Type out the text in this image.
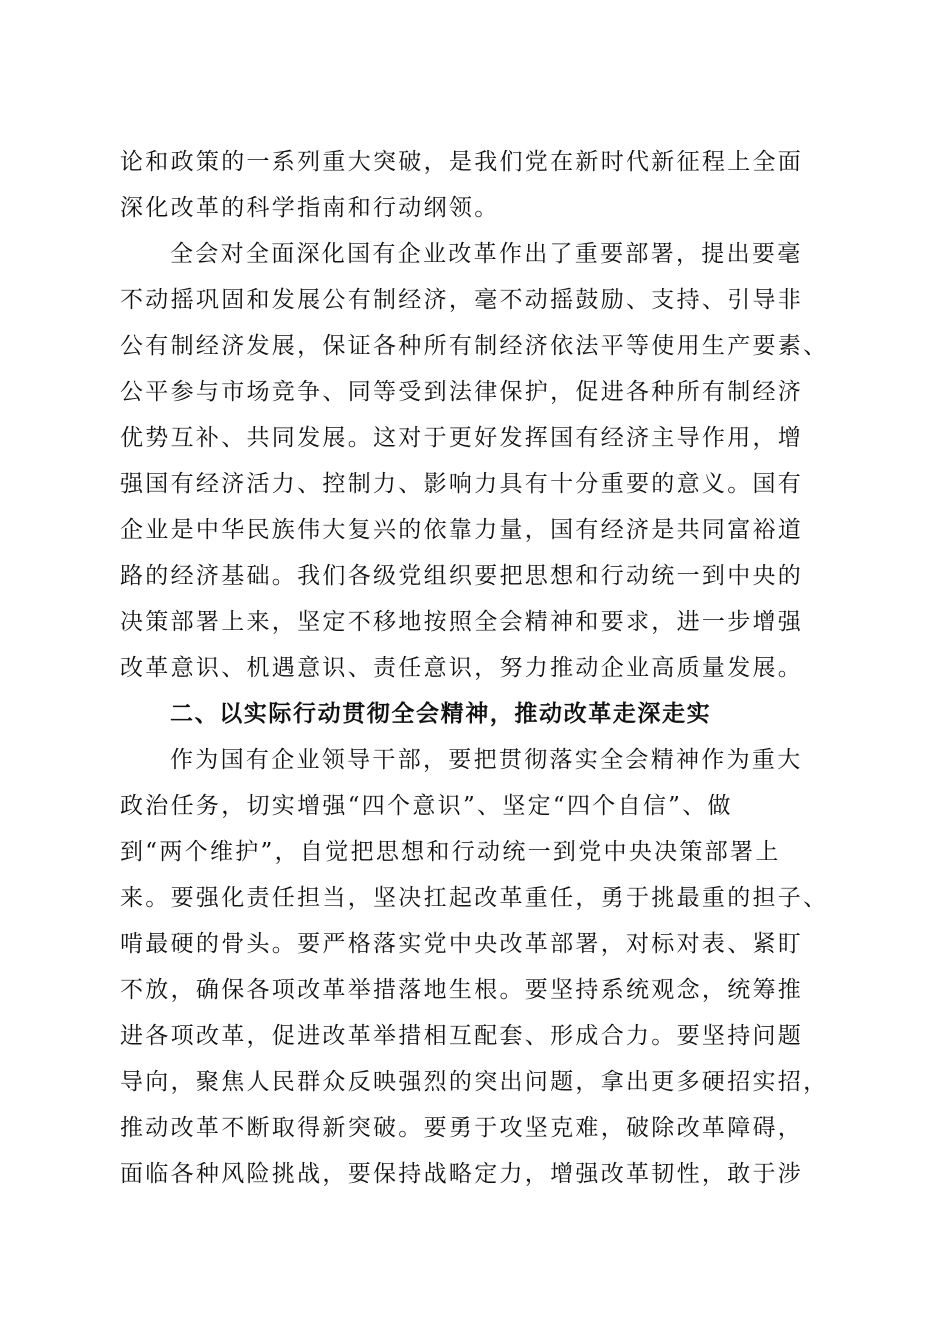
论和政策的一系列重大突破，是我们党在新时代新征程上全面
深化改革的科学指南和行动纲领。
全会对全面深化国有企业改革作出了重要部署，提出要毫
不动摇巩固和发展公有制经济，毫不动摇鼓励、支持、引导非
公有制经济发展，保证各种所有制经济依法平等使用生产要素、
公平参与市场竞争、同等受到法律保护，促进各种所有制经济
优势互补、共同发展。这对于更好发挥国有经济主导作用，增
强国有经济活力、控制力、影响力具有十分重要的意义。国有
企业是中华民族伟大复兴的依靠力量，国有经济是共同富裕道
路的经济基础。我们各级党组织要把思想和行动统一到中央的
决策部署上来，坚定不移地按照全会精神和要求，进一步增强
改革意识、机遇意识、责任意识，努力推动企业高质量发展。
二、以实际行动贯彻全会精神，推动改革走深走实
作为国有企业领导干部，要把贯彻落实全会精神作为重大
政治任务，切实增强“四个意识”、坚定“四个自信”、做
到“两个维护”，自觉把思想和行动统一到党中央决策部署上
来。要强化责任担当，坚决扛起改革重任，勇于挑最重的担子、
啃最硬的骨头。要严格落实党中央改革部署，对标对表、紧盯
不放，确保各项改革举措落地生根。要坚持系统观念，统筹推
进各项改革，促进改革举措相互配套、形成合力。要坚持问题
导向，聚焦人民群众反映强烈的突出问题，拿出更多硬招实招，
推动改革不断取得新突破。要勇于攻坚克难，破除改革障碍，
面临各种风险挑战，要保持战略定力，增强改革韧性，敢于涉
